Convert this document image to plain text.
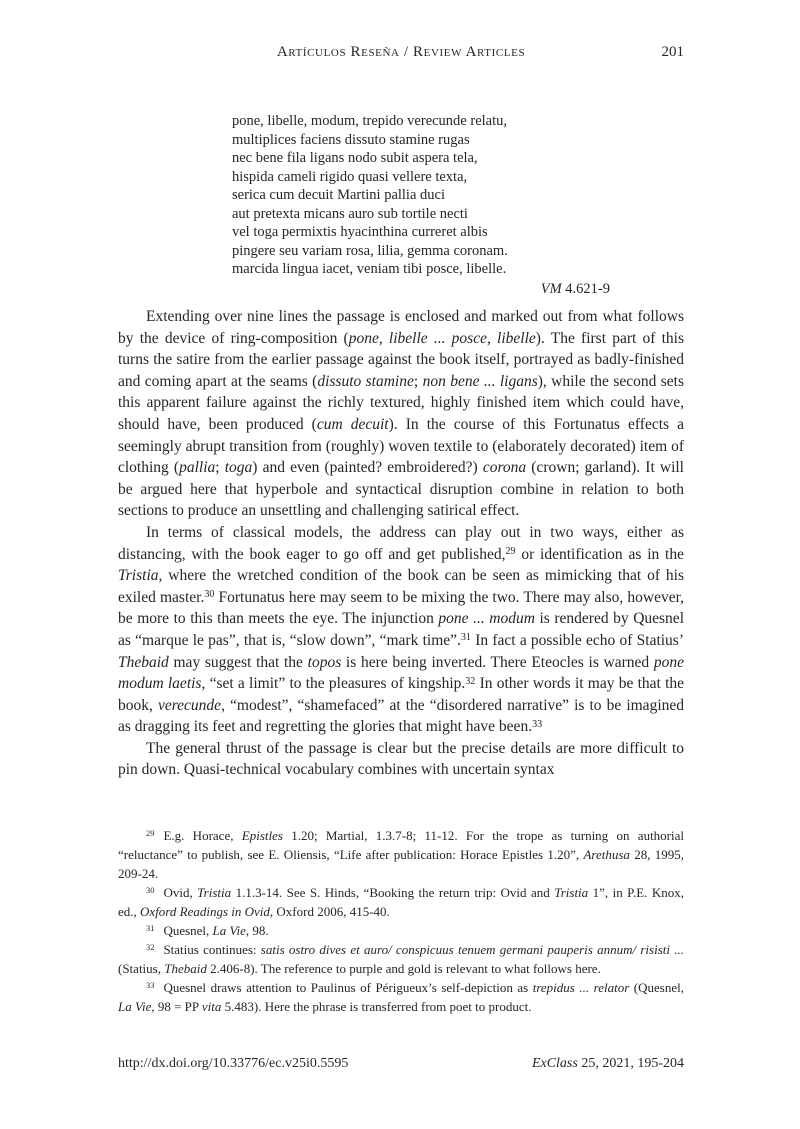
Artículos Reseña / Review Articles	201
pone, libelle, modum, trepido verecunde relatu,
multiplices faciens dissuto stamine rugas
nec bene fila ligans nodo subit aspera tela,
hispida cameli rigido quasi vellere texta,
serica cum decuit Martini pallia duci
aut pretexta micans auro sub tortile necti
vel toga permixtis hyacinthina curreret albis
pingere seu variam rosa, lilia, gemma coronam.
marcida lingua iacet, veniam tibi posce, libelle.
VM 4.621-9

Extending over nine lines the passage is enclosed and marked out from what follows by the device of ring-composition (pone, libelle ... posce, libelle). The first part of this turns the satire from the earlier passage against the book itself, portrayed as badly-finished and coming apart at the seams (dissuto stamine; non bene ... ligans), while the second sets this apparent failure against the richly textured, highly finished item which could have, should have, been produced (cum decuit). In the course of this Fortunatus effects a seemingly abrupt transition from (roughly) woven textile to (elaborately decorated) item of clothing (pallia; toga) and even (painted? embroidered?) corona (crown; garland). It will be argued here that hyperbole and syntactical disruption combine in relation to both sections to produce an unsettling and challenging satirical effect.

In terms of classical models, the address can play out in two ways, either as distancing, with the book eager to go off and get published,$^{29}$ or identification as in the Tristia, where the wretched condition of the book can be seen as mimicking that of his exiled master.$^{30}$ Fortunatus here may seem to be mixing the two. There may also, however, be more to this than meets the eye. The injunction pone ... modum is rendered by Quesnel as “marque le pas”, that is, “slow down”, “mark time”.$^{31}$ In fact a possible echo of Statius’ Thebaid may suggest that the topos is here being inverted. There Eteocles is warned pone modum laetis, “set a limit” to the pleasures of kingship.$^{32}$ In other words it may be that the book, verecunde, “modest”, “shamefaced” at the “disordered narrative” is to be imagined as dragging its feet and regretting the glories that might have been.$^{33}$

The general thrust of the passage is clear but the precise details are more difficult to pin down. Quasi-technical vocabulary combines with uncertain syntax

$^{29}$ E.g. Horace, Epistles 1.20; Martial, 1.3.7-8; 11-12. For the trope as turning on authorial “reluctance” to publish, see E. Oliensis, “Life after publication: Horace Epistles 1.20”, Arethusa 28, 1995, 209-24.

$^{30}$ Ovid, Tristia 1.1.3-14. See S. Hinds, “Booking the return trip: Ovid and Tristia 1”, in P.E. Knox, ed., Oxford Readings in Ovid, Oxford 2006, 415-40.

$^{31}$ Quesnel, La Vie, 98.

$^{32}$ Statius continues: satis ostro dives et auro/ conspicuus tenuem germani pauperis annum/ risisti ... (Statius, Thebaid 2.406-8). The reference to purple and gold is relevant to what follows here.

$^{33}$ Quesnel draws attention to Paulinus of Périgueux’s self-depiction as trepidus ... relator (Quesnel, La Vie, 98 = PP vita 5.483). Here the phrase is transferred from poet to product.

http://dx.doi.org/10.33776/ec.v25i0.5595	ExClass 25, 2021, 195-204
